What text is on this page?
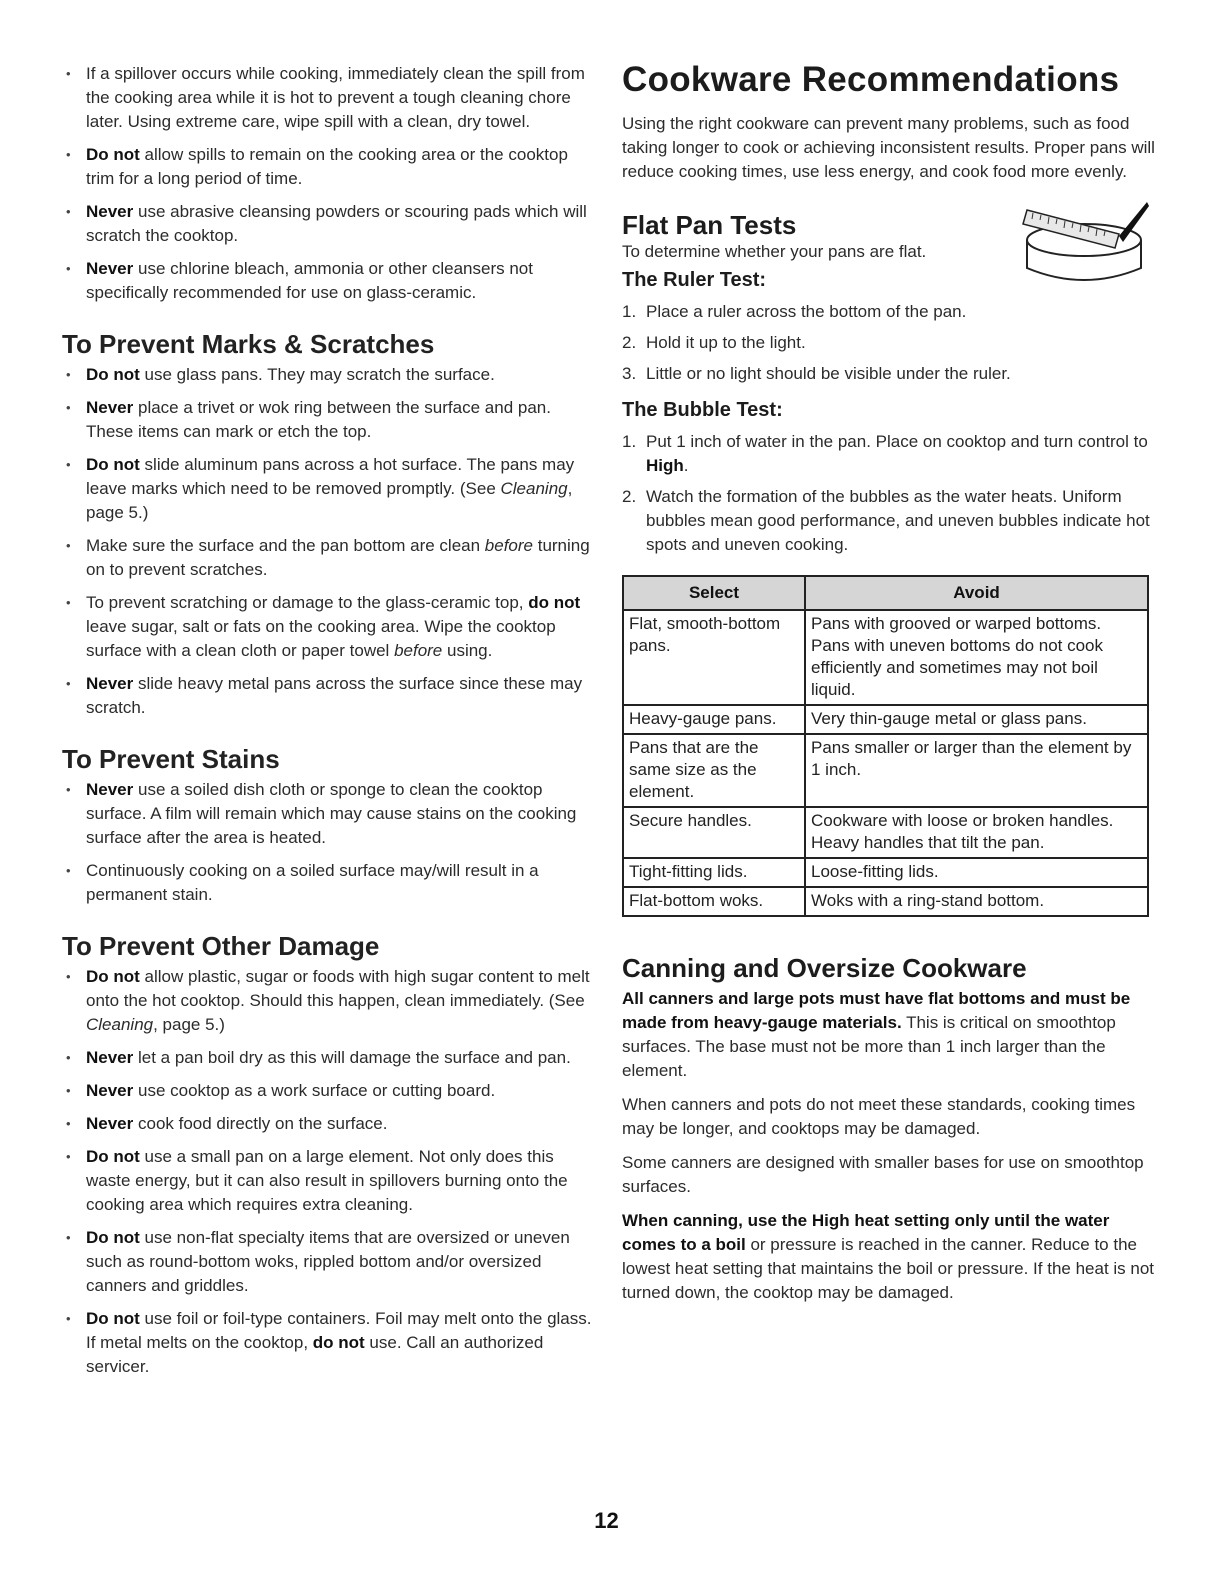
• If a spillover occurs while cooking, immediately clean the spill from the cooking area while it is hot to prevent a tough cleaning chore later. Using extreme care, wipe spill with a clean, dry towel.
• Do not allow spills to remain on the cooking area or the cooktop trim for a long period of time.
• Never use abrasive cleansing powders or scouring pads which will scratch the cooktop.
• Never use chlorine bleach, ammonia or other cleansers not specifically recommended for use on glass-ceramic.
To Prevent Marks & Scratches
• Do not use glass pans. They may scratch the surface.
• Never place a trivet or wok ring between the surface and pan. These items can mark or etch the top.
• Do not slide aluminum pans across a hot surface. The pans may leave marks which need to be removed promptly. (See Cleaning, page 5.)
• Make sure the surface and the pan bottom are clean before turning on to prevent scratches.
• To prevent scratching or damage to the glass-ceramic top, do not leave sugar, salt or fats on the cooking area. Wipe the cooktop surface with a clean cloth or paper towel before using.
• Never slide heavy metal pans across the surface since these may scratch.
To Prevent Stains
• Never use a soiled dish cloth or sponge to clean the cooktop surface. A film will remain which may cause stains on the cooking surface after the area is heated.
• Continuously cooking on a soiled surface may/will result in a permanent stain.
To Prevent Other Damage
• Do not allow plastic, sugar or foods with high sugar content to melt onto the hot cooktop. Should this happen, clean immediately. (See Cleaning, page 5.)
• Never let a pan boil dry as this will damage the surface and pan.
• Never use cooktop as a work surface or cutting board.
• Never cook food directly on the surface.
• Do not use a small pan on a large element. Not only does this waste energy, but it can also result in spillovers burning onto the cooking area which requires extra cleaning.
• Do not use non-flat specialty items that are oversized or uneven such as round-bottom woks, rippled bottom and/or oversized canners and griddles.
• Do not use foil or foil-type containers. Foil may melt onto the glass. If metal melts on the cooktop, do not use. Call an authorized servicer.
Cookware Recommendations

Using the right cookware can prevent many problems, such as food taking longer to cook or achieving inconsistent results. Proper pans will reduce cooking times, use less energy, and cook food more evenly.

Flat Pan Tests

To determine whether your pans are flat.

The Ruler Test:
1. Place a ruler across the bottom of the pan.
2. Hold it up to the light.
3. Little or no light should be visible under the ruler.
The Bubble Test:
1. Put 1 inch of water in the pan. Place on cooktop and turn control to High.
2. Watch the formation of the bubbles as the water heats. Uniform bubbles mean good performance, and uneven bubbles indicate hot spots and uneven cooking.
Select	Avoid
Flat, smooth-bottom pans.	Pans with grooved or warped bottoms.
Pans with uneven bottoms do not cook efficiently and sometimes may not boil liquid.

Heavy-gauge pans.	Very thin-gauge metal or glass pans.

Pans that are the same size as the element.	Pans smaller or larger than the element by 1 inch.

Secure handles.	Cookware with loose or broken handles.
Heavy handles that tilt the pan.

Tight-fitting lids.	Loose-fitting lids.

Flat-bottom woks.	Woks with a ring-stand bottom.
Canning and Oversize Cookware

All canners and large pots must have flat bottoms and must be made from heavy-gauge materials. This is critical on smoothtop surfaces. The base must not be more than 1 inch larger than the element.

When canners and pots do not meet these standards, cooking times may be longer, and cooktops may be damaged.

Some canners are designed with smaller bases for use on smoothtop surfaces.

When canning, use the High heat setting only until the water comes to a boil or pressure is reached in the canner. Reduce to the lowest heat setting that maintains the boil or pressure. If the heat is not turned down, the cooktop may be damaged.

12
